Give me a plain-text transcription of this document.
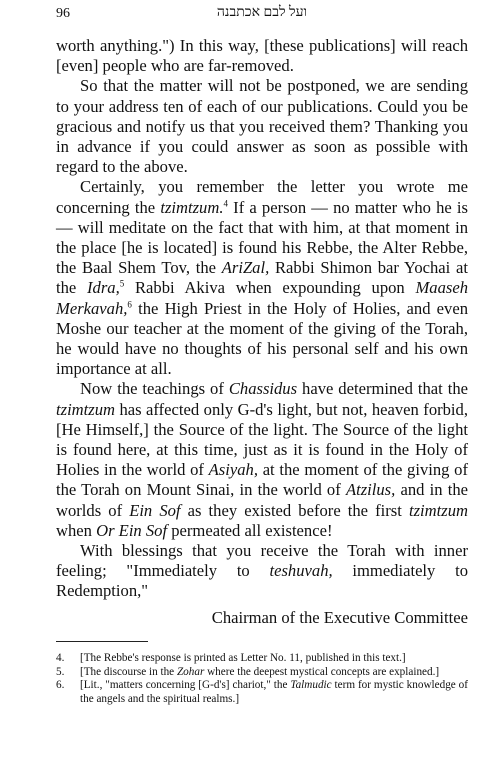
96	ועל לבם אכתבנה

worth anything.") In this way, [these publications] will reach [even] people who are far-removed.

So that the matter will not be postponed, we are sending to your address ten of each of our publications. Could you be gracious and notify us that you received them? Thanking you in advance if you could answer as soon as possible with regard to the above.

Certainly, you remember the letter you wrote me concerning the tzimtzum.$^4$ If a person — no matter who he is — will meditate on the fact that with him, at that moment in the place [he is located] is found his Rebbe, the Alter Rebbe, the Baal Shem Tov, the AriZal, Rabbi Shimon bar Yochai at the Idra,$^5$ Rabbi Akiva when expounding upon Maaseh Merkavah,$^6$ the High Priest in the Holy of Holies, and even Moshe our teacher at the moment of the giving of the Torah, he would have no thoughts of his personal self and his own importance at all.

Now the teachings of Chassidus have determined that the tzimtzum has affected only G-d's light, but not, heaven forbid, [He Himself,] the Source of the light. The Source of the light is found here, at this time, just as it is found in the Holy of Holies in the world of Asiyah, at the moment of the giving of the Torah on Mount Sinai, in the world of Atzilus, and in the worlds of Ein Sof as they existed before the first tzimtzum when Or Ein Sof permeated all existence!

With blessings that you receive the Torah with inner feeling; "Immediately to teshuvah, immediately to Redemption,"

Chairman of the Executive Committee
4.	[The Rebbe's response is printed as Letter No. 11, published in this text.]
5.	[The discourse in the Zohar where the deepest mystical concepts are explained.]
6.	[Lit., "matters concerning [G-d's] chariot," the Talmudic term for mystic knowledge of the angels and the spiritual realms.]
